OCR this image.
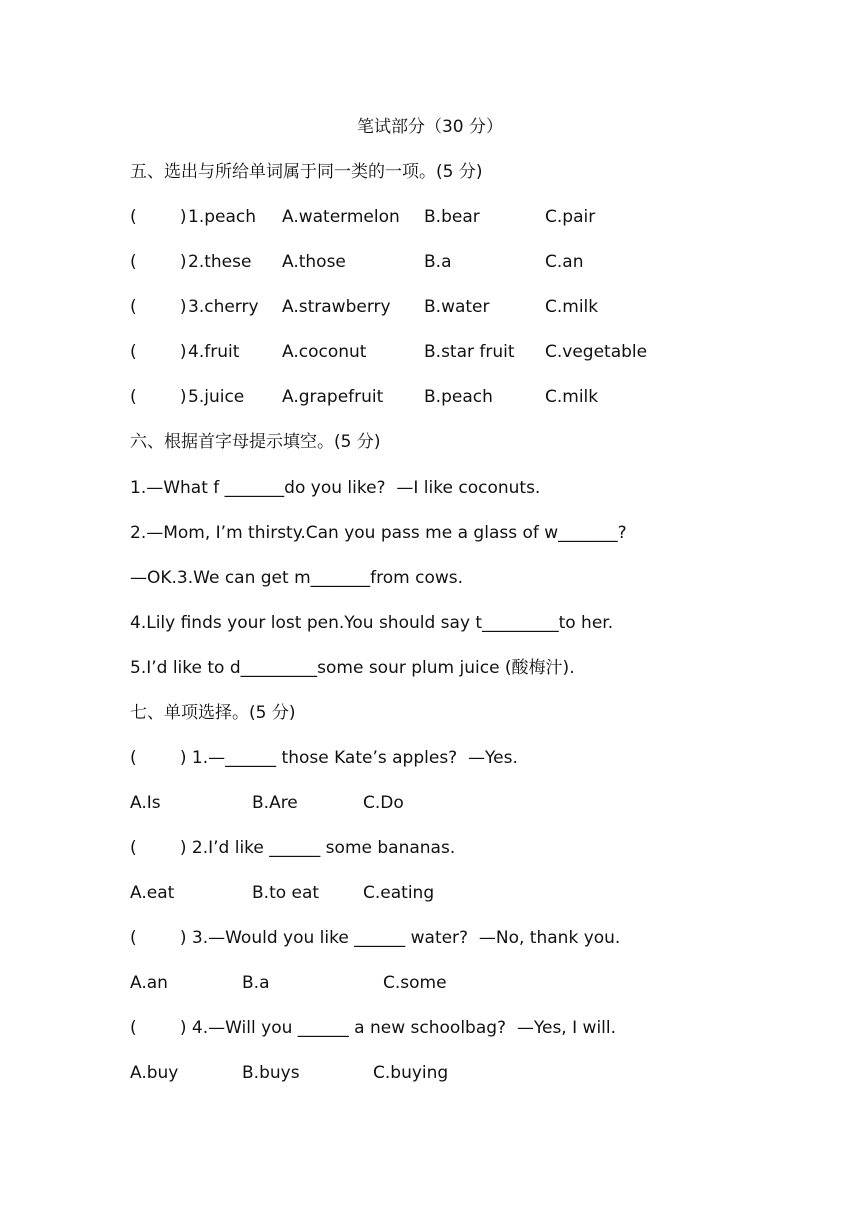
笔试部分（30 分）
五、选出与所给单词属于同一类的一项。(5 分)
(        ) 1.peach A.watermelon B.bear	C.pair
(        ) 2.these A.those	B.a	C.an
(        ) 3.cherry A.strawberry B.water	C.milk
(        ) 4.fruit	A.coconut	B.star fruit C.vegetable
(        ) 5.juice A.grapefruit B.peach	C.milk
六、根据首字母提示填空。(5 分)
1.—What f _______do you like?  —I like coconuts.
2.—Mom, I’m thirsty.Can you pass me a glass of w_______?
—OK.3.We can get m_______from cows.
4.Lily finds your lost pen.You should say t_________to her.
5.I’d like to d_________some sour plum juice (酸梅汁).
七、单项选择。(5 分)
(        ) 1.—______ those Kate’s apples?  —Yes.
A.Is	B.Are	C.Do
(        ) 2.I’d like ______ some bananas.
A.eat	B.to eat	C.eating
(        ) 3.—Would you like ______ water?  —No, thank you.
A.an	B.a	C.some
(        ) 4.—Will you ______ a new schoolbag?  —Yes, I will.
A.buy	B.buys	C.buying
